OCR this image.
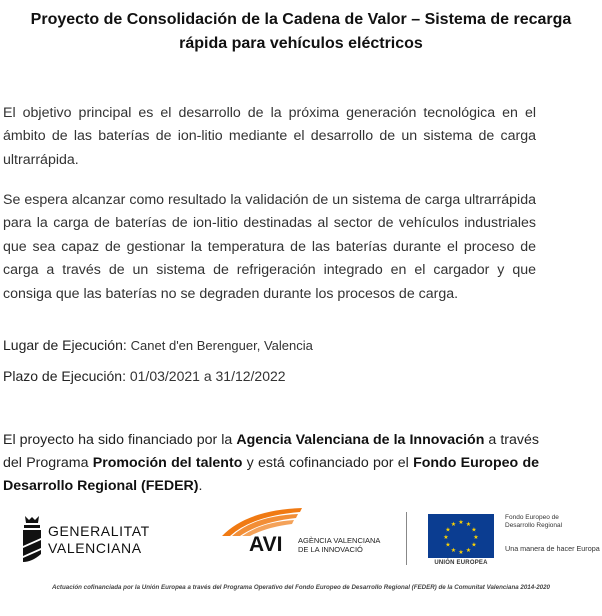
Proyecto de Consolidación de la Cadena de Valor – Sistema de recarga
rápida para vehículos eléctricos
El objetivo principal es el desarrollo de la próxima generación tecnológica en el ámbito de las baterías de ion-litio mediante el desarrollo de un sistema de carga ultrarrápida.
Se espera alcanzar como resultado la validación de un sistema de carga ultrarrápida para la carga de baterías de ion-litio destinadas al sector de vehículos industriales que sea capaz de gestionar la temperatura de las baterías durante el proceso de carga a través de un sistema de refrigeración integrado en el cargador y que consiga que las baterías no se degraden durante los procesos de carga.
Lugar de Ejecución: Canet d'en Berenguer, Valencia
Plazo de Ejecución: 01/03/2021 a 31/12/2022
El proyecto ha sido financiado por la Agencia Valenciana de la Innovación a través del Programa Promoción del talento y está cofinanciado por el Fondo Europeo de Desarrollo Regional (FEDER).
GENERALITAT
VALENCIANA	AVI AGÈNCIA VALENCIANA
DE LA INNOVACIÓ
★ ★
★
★
★
★
★
★
★
★
★
★
UNIÓN EUROPEA
Fondo Europeo de
Desarrollo Regional
Una manera de hacer Europa
Actuación cofinanciada por la Unión Europea a través del Programa Operativo del Fondo Europeo de Desarrollo Regional (FEDER) de la Comunitat Valenciana 2014-2020
